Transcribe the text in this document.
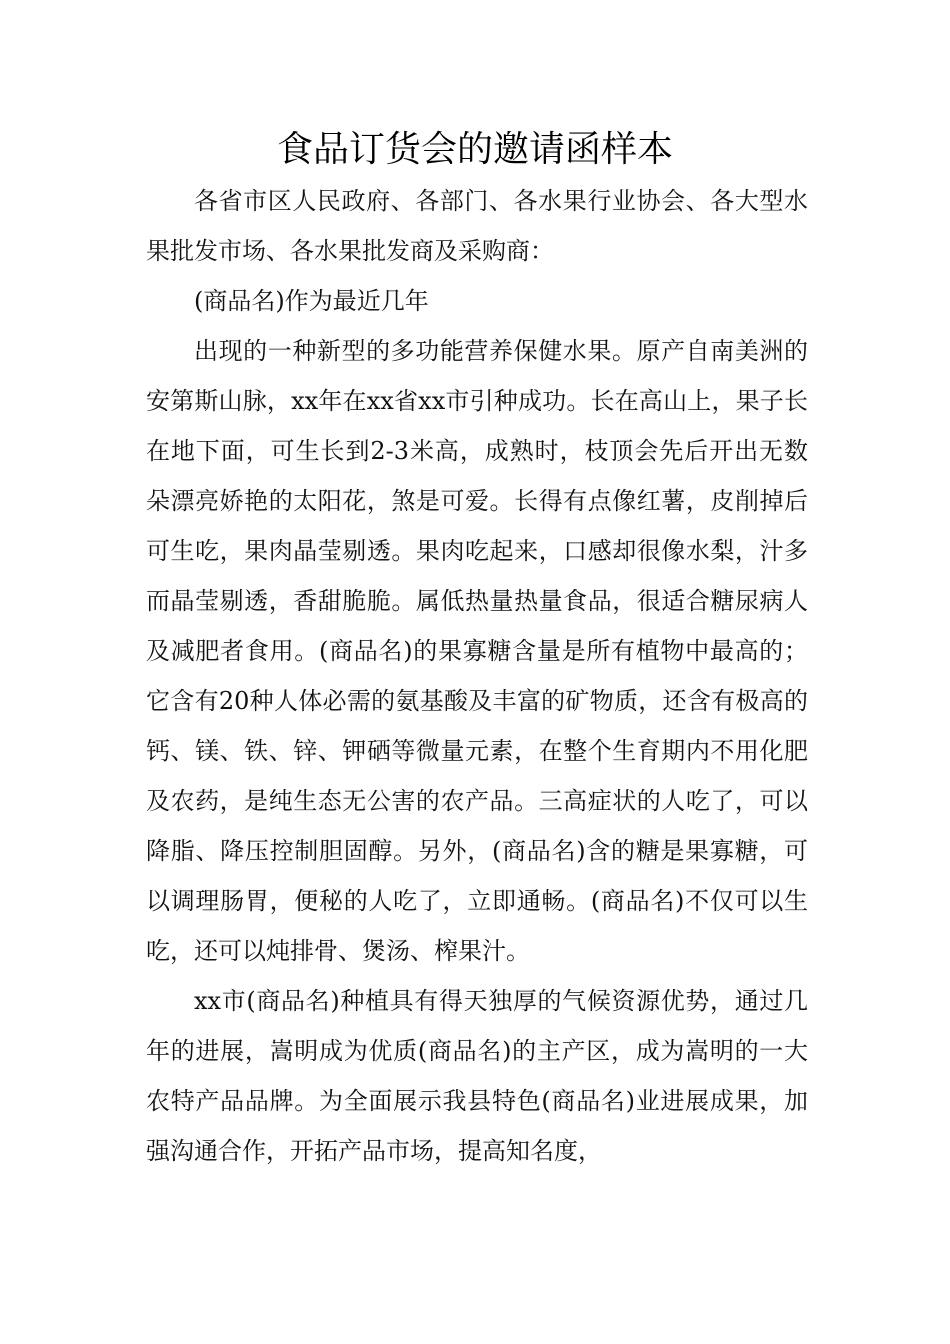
食品订货会的邀请函样本

各省市区人民政府、各部门、各水果行业协会、各大型水果批发市场、各水果批发商及采购商：

(商品名)作为最近几年

出现的一种新型的多功能营养保健水果。原产自南美洲的安第斯山脉，xx年在xx省xx市引种成功。长在高山上，果子长在地下面，可生长到2-3米高，成熟时，枝顶会先后开出无数朵漂亮娇艳的太阳花，煞是可爱。长得有点像红薯，皮削掉后可生吃，果肉晶莹剔透。果肉吃起来，口感却很像水梨，汁多而晶莹剔透，香甜脆脆。属低热量热量食品，很适合糖尿病人及减肥者食用。(商品名)的果寡糖含量是所有植物中最高的；它含有20种人体必需的氨基酸及丰富的矿物质，还含有极高的钙、镁、铁、锌、钾硒等微量元素，在整个生育期内不用化肥及农药，是纯生态无公害的农产品。三高症状的人吃了，可以降脂、降压控制胆固醇。另外，(商品名)含的糖是果寡糖，可以调理肠胃，便秘的人吃了，立即通畅。(商品名)不仅可以生吃，还可以炖排骨、煲汤、榨果汁。

xx市(商品名)种植具有得天独厚的气候资源优势，通过几年的进展，嵩明成为优质(商品名)的主产区，成为嵩明的一大农特产品品牌。为全面展示我县特色(商品名)业进展成果，加强沟通合作，开拓产品市场，提高知名度，
